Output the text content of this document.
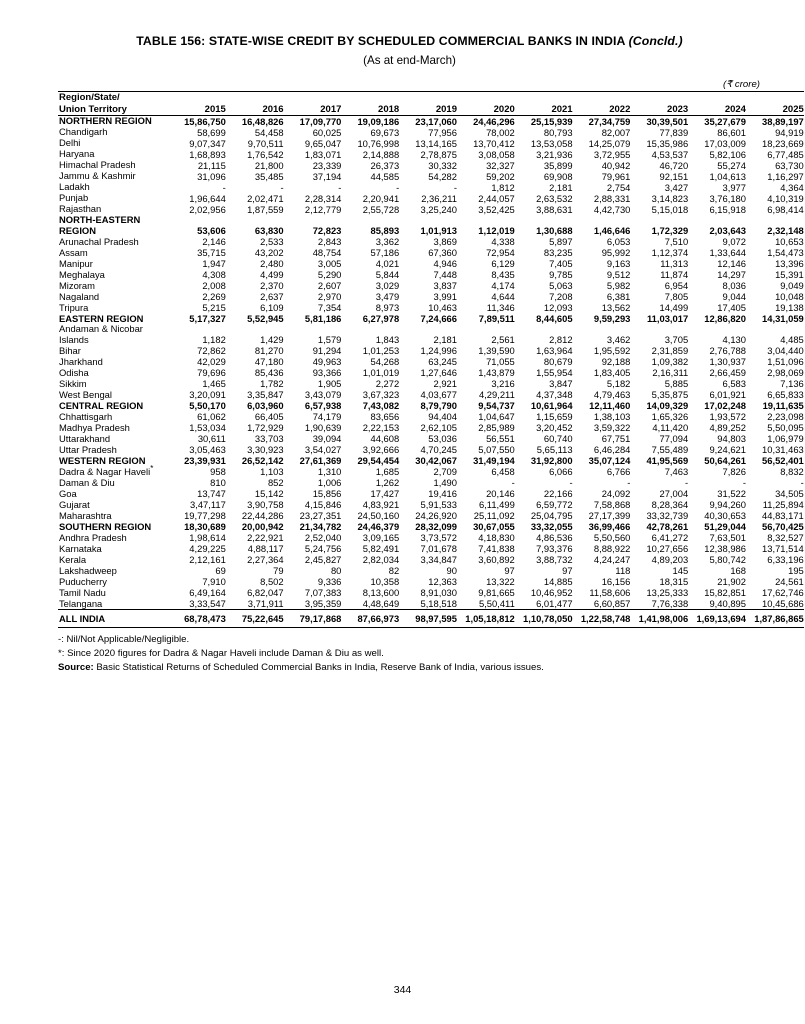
TABLE 156: STATE-WISE CREDIT BY SCHEDULED COMMERCIAL BANKS IN INDIA (Concld.)
(As at end-March)
(₹ crore)
Region/State/
Union Territory	2015	2016	2017	2018	2019	2020	2021	2022	2023	2024	2025
NORTHERN REGION	15,86,750	16,48,826	17,09,770	19,09,186	23,17,060	24,46,296	25,15,939	27,34,759	30,39,501	35,27,679	38,89,197
Chandigarh	58,699	54,458	60,025	69,673	77,956	78,002	80,793	82,007	77,839	86,601	94,919
Delhi	9,07,347	9,70,511	9,65,047	10,76,998	13,14,165	13,70,412	13,53,058	14,25,079	15,35,986	17,03,009	18,23,669
Haryana	1,68,893	1,76,542	1,83,071	2,14,888	2,78,875	3,08,058	3,21,936	3,72,955	4,53,537	5,82,106	6,77,485
Himachal Pradesh	21,115	21,800	23,339	26,373	30,332	32,327	35,899	40,942	46,720	55,274	63,730
Jammu & Kashmir	31,096	35,485	37,194	44,585	54,282	59,202	69,908	79,961	92,151	1,04,613	1,16,297
Ladakh	-	-	-	-	-	1,812	2,181	2,754	3,427	3,977	4,364
Punjab	1,96,644	2,02,471	2,28,314	2,20,941	2,36,211	2,44,057	2,63,532	2,88,331	3,14,823	3,76,180	4,10,319
Rajasthan	2,02,956	1,87,559	2,12,779	2,55,728	3,25,240	3,52,425	3,88,631	4,42,730	5,15,018	6,15,918	6,98,414
NORTH-EASTERN REGION	53,606	63,830	72,823	85,893	1,01,913	1,12,019	1,30,688	1,46,646	1,72,329	2,03,643	2,32,148
Arunachal Pradesh	2,146	2,533	2,843	3,362	3,869	4,338	5,897	6,053	7,510	9,072	10,653
Assam	35,715	43,202	48,754	57,186	67,360	72,954	83,235	95,992	1,12,374	1,33,644	1,54,473
Manipur	1,947	2,480	3,005	4,021	4,946	6,129	7,405	9,163	11,313	12,146	13,396
Meghalaya	4,308	4,499	5,290	5,844	7,448	8,435	9,785	9,512	11,874	14,297	15,391
Mizoram	2,008	2,370	2,607	3,029	3,837	4,174	5,063	5,982	6,954	8,036	9,049
Nagaland	2,269	2,637	2,970	3,479	3,991	4,644	7,208	6,381	7,805	9,044	10,048
Tripura	5,215	6,109	7,354	8,973	10,463	11,346	12,093	13,562	14,499	17,405	19,138
EASTERN REGION	5,17,327	5,52,945	5,81,186	6,27,978	7,24,666	7,89,511	8,44,605	9,59,293	11,03,017	12,86,820	14,31,059
Andaman & Nicobar Islands	1,182	1,429	1,579	1,843	2,181	2,561	2,812	3,462	3,705	4,130	4,485
Bihar	72,862	81,270	91,294	1,01,253	1,24,996	1,39,590	1,63,964	1,95,592	2,31,859	2,76,788	3,04,440
Jharkhand	42,029	47,180	49,963	54,268	63,245	71,055	80,679	92,188	1,09,382	1,30,937	1,51,096
Odisha	79,696	85,436	93,366	1,01,019	1,27,646	1,43,879	1,55,954	1,83,405	2,16,311	2,66,459	2,98,069
Sikkim	1,465	1,782	1,905	2,272	2,921	3,216	3,847	5,182	5,885	6,583	7,136
West Bengal	3,20,091	3,35,847	3,43,079	3,67,323	4,03,677	4,29,211	4,37,348	4,79,463	5,35,875	6,01,921	6,65,833
CENTRAL REGION	5,50,170	6,03,960	6,57,938	7,43,082	8,79,790	9,54,737	10,61,964	12,11,460	14,09,329	17,02,248	19,11,635
Chhattisgarh	61,062	66,405	74,179	83,656	94,404	1,04,647	1,15,659	1,38,103	1,65,326	1,93,572	2,23,098
Madhya Pradesh	1,53,034	1,72,929	1,90,639	2,22,153	2,62,105	2,85,989	3,20,452	3,59,322	4,11,420	4,89,252	5,50,095
Uttarakhand	30,611	33,703	39,094	44,608	53,036	56,551	60,740	67,751	77,094	94,803	1,06,979
Uttar Pradesh	3,05,463	3,30,923	3,54,027	3,92,666	4,70,245	5,07,550	5,65,113	6,46,284	7,55,489	9,24,621	10,31,463
WESTERN REGION	23,39,931	26,52,142	27,61,369	29,54,454	30,42,067	31,49,194	31,92,800	35,07,124	41,95,569	50,64,261	56,52,401
Dadra & Nagar Haveli*	958	1,103	1,310	1,685	2,709	6,458	6,066	6,766	7,463	7,826	8,832
Daman & Diu	810	852	1,006	1,262	1,490	-	-	-	-	-	-
Goa	13,747	15,142	15,856	17,427	19,416	20,146	22,166	24,092	27,004	31,522	34,505
Gujarat	3,47,117	3,90,758	4,15,846	4,83,921	5,91,533	6,11,499	6,59,772	7,58,868	8,28,364	9,94,260	11,25,894
Maharashtra	19,77,298	22,44,286	23,27,351	24,50,160	24,26,920	25,11,092	25,04,795	27,17,399	33,32,739	40,30,653	44,83,171
SOUTHERN REGION	18,30,689	20,00,942	21,34,782	24,46,379	28,32,099	30,67,055	33,32,055	36,99,466	42,78,261	51,29,044	56,70,425
Andhra Pradesh	1,98,614	2,22,921	2,52,040	3,09,165	3,73,572	4,18,830	4,86,536	5,50,560	6,41,272	7,63,501	8,32,527
Karnataka	4,29,225	4,88,117	5,24,756	5,82,491	7,01,678	7,41,838	7,93,376	8,88,922	10,27,656	12,38,986	13,71,514
Kerala	2,12,161	2,27,364	2,45,827	2,82,034	3,34,847	3,60,892	3,88,732	4,24,247	4,89,203	5,80,742	6,33,196
Lakshadweep	69	79	80	82	90	97	97	118	145	168	195
Puducherry	7,910	8,502	9,336	10,358	12,363	13,322	14,885	16,156	18,315	21,902	24,561
Tamil Nadu	6,49,164	6,82,047	7,07,383	8,13,600	8,91,030	9,81,665	10,46,952	11,58,606	13,25,333	15,82,851	17,62,746
Telangana	3,33,547	3,71,911	3,95,359	4,48,649	5,18,518	5,50,411	6,01,477	6,60,857	7,76,338	9,40,895	10,45,686
ALL INDIA	68,78,473	75,22,645	79,17,868	87,66,973	98,97,595	1,05,18,812	1,10,78,050	1,22,58,748	1,41,98,006	1,69,13,694	1,87,86,865
-: Nil/Not Applicable/Negligible.
*: Since 2020 figures for Dadra & Nagar Haveli include Daman & Diu as well.
Source: Basic Statistical Returns of Scheduled Commercial Banks in India, Reserve Bank of India, various issues.
344
